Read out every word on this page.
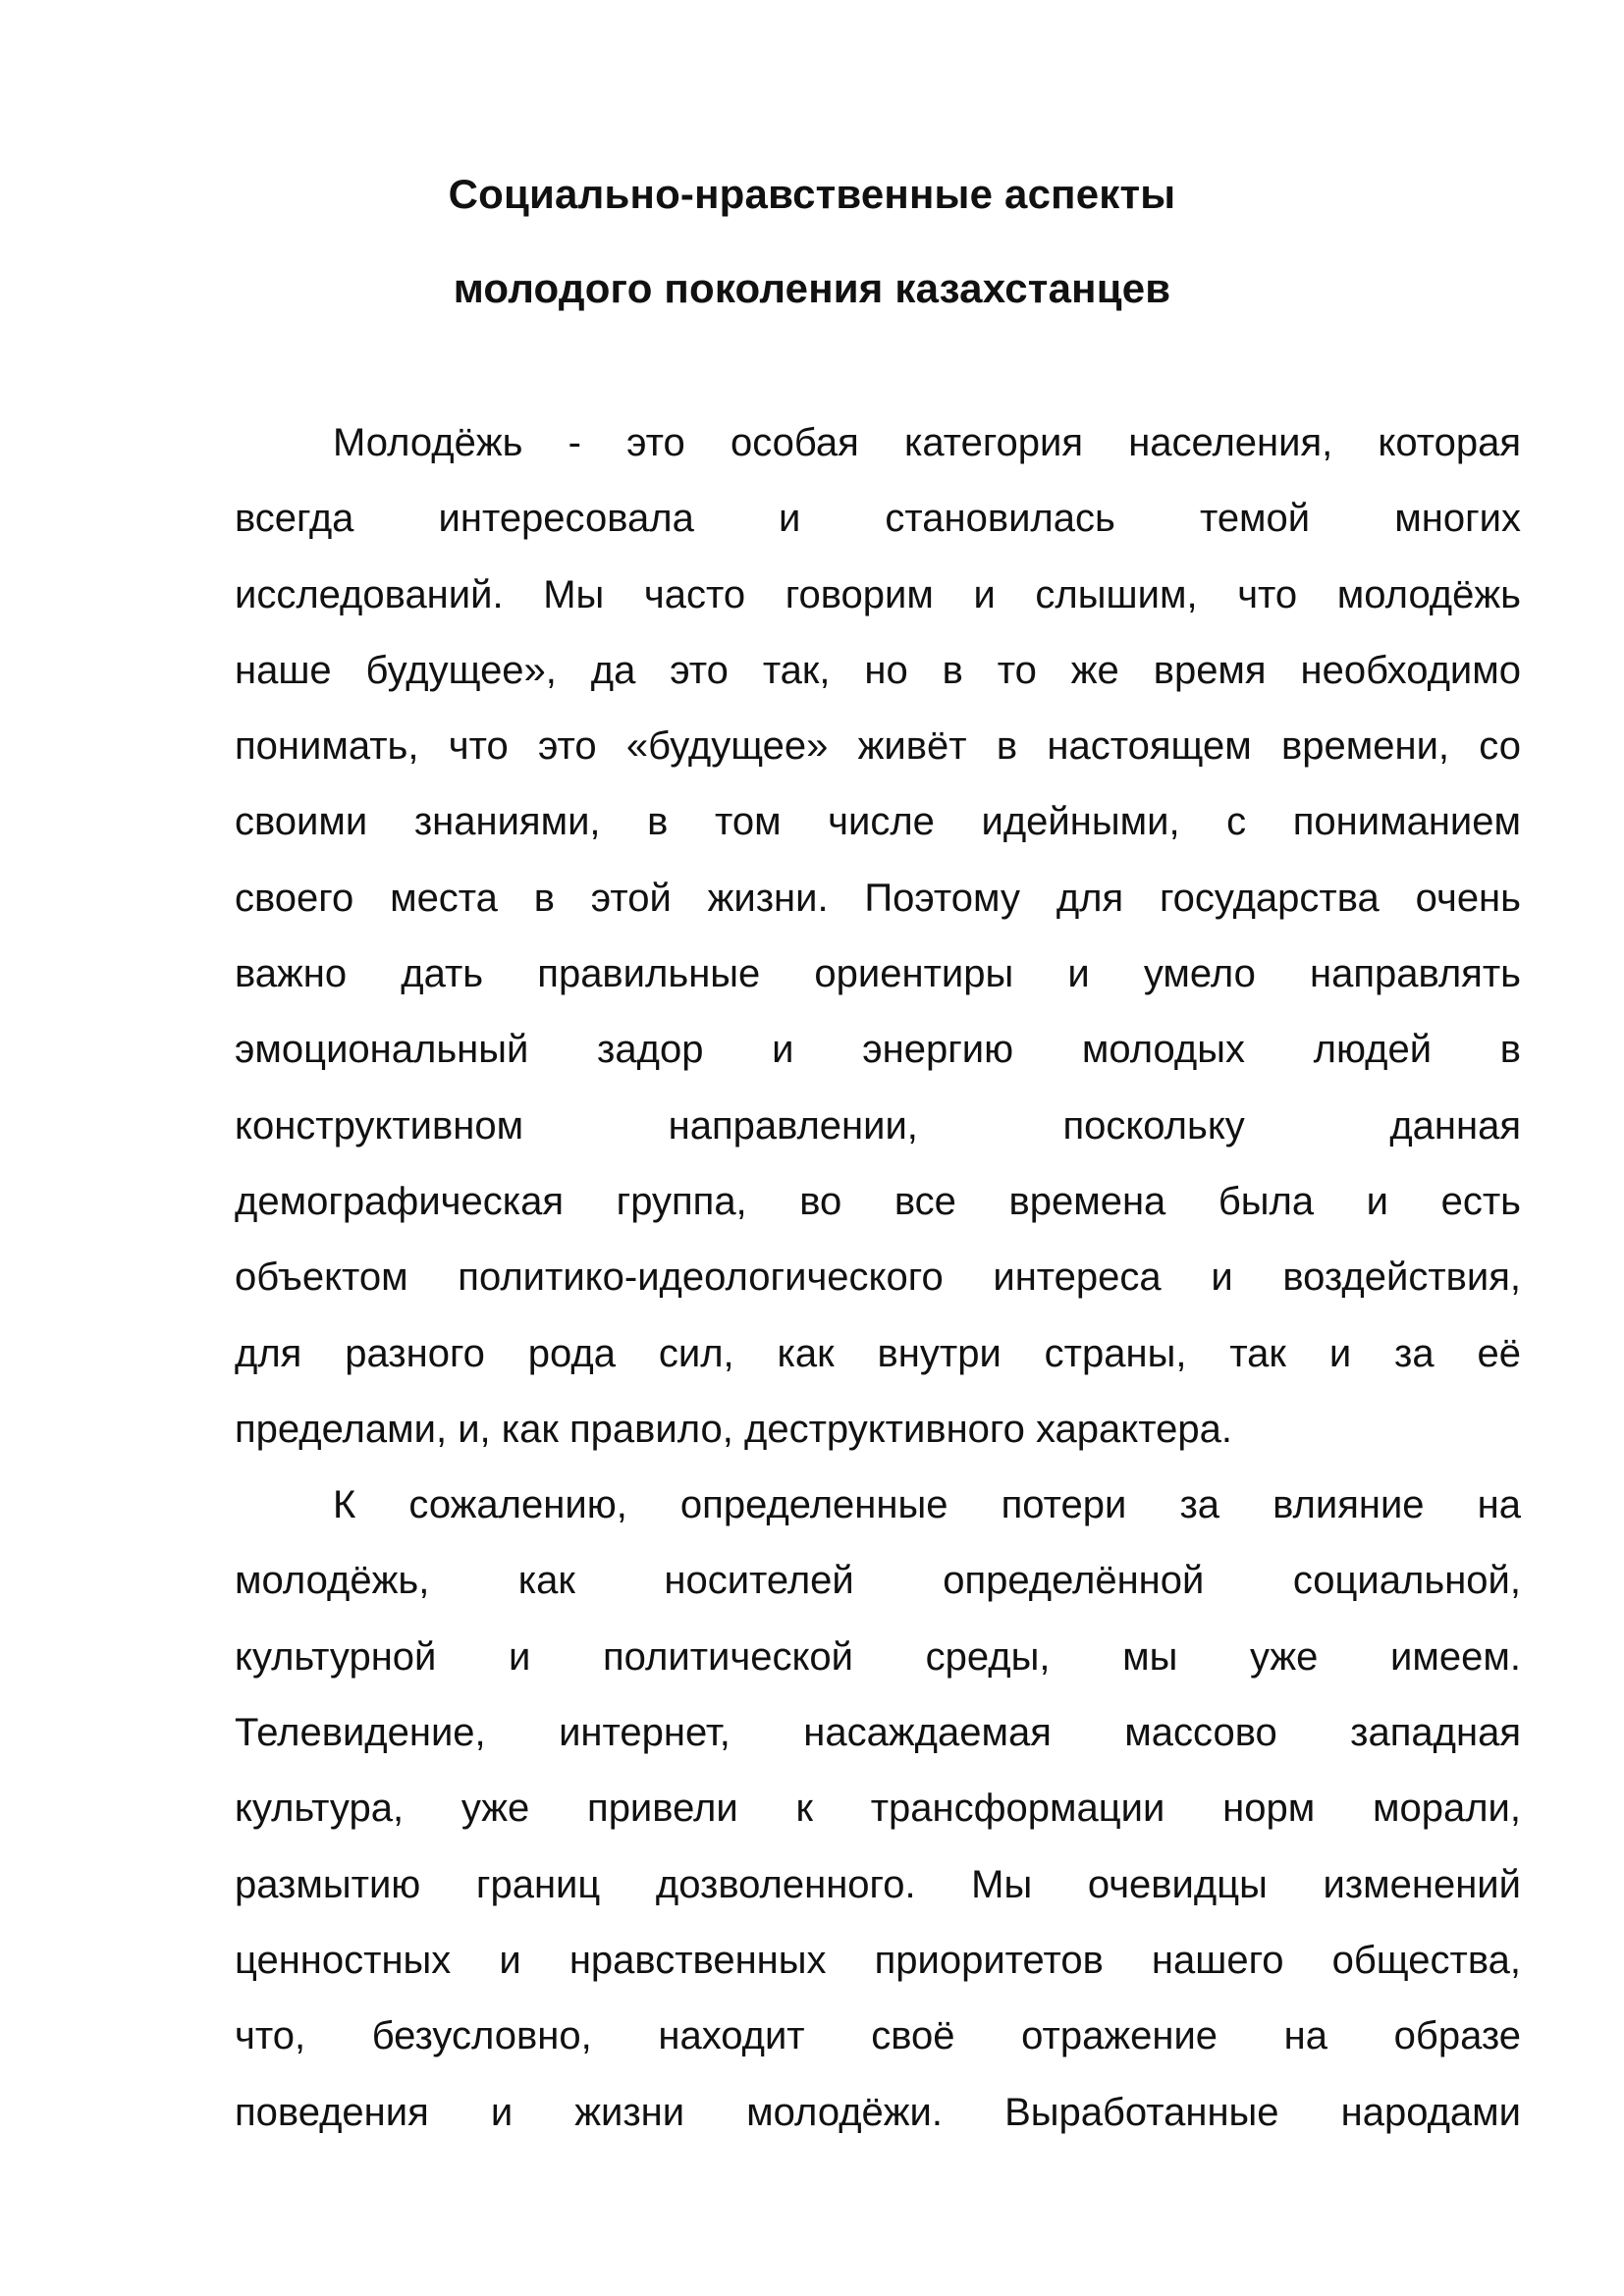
Социально-нравственные аспекты
молодого поколения казахстанцев
Молодёжь - это особая категория населения, которая
всегда интересовала и становилась темой многих
исследований. Мы часто говорим и слышим, что молодёжь
наше будущее», да это так, но в то же время необходимо
понимать, что это «будущее» живёт в настоящем времени, со
своими знаниями, в том числе идейными, с пониманием
своего места в этой жизни. Поэтому для государства очень
важно дать правильные ориентиры и умело направлять
эмоциональный задор и энергию молодых людей в
конструктивном направлении, поскольку данная
демографическая группа, во все времена была и есть
объектом политико-идеологического интереса и воздействия,
для разного рода сил, как внутри страны, так и за её
пределами, и, как правило, деструктивного характера.
К сожалению, определенные потери за влияние на
молодёжь, как носителей определённой социальной,
культурной и политической среды, мы уже имеем.
Телевидение, интернет, насаждаемая массово западная
культура, уже привели к трансформации норм морали,
размытию границ дозволенного. Мы очевидцы изменений
ценностных и нравственных приоритетов нашего общества,
что, безусловно, находит своё отражение на образе
поведения и жизни молодёжи. Выработанные народами
